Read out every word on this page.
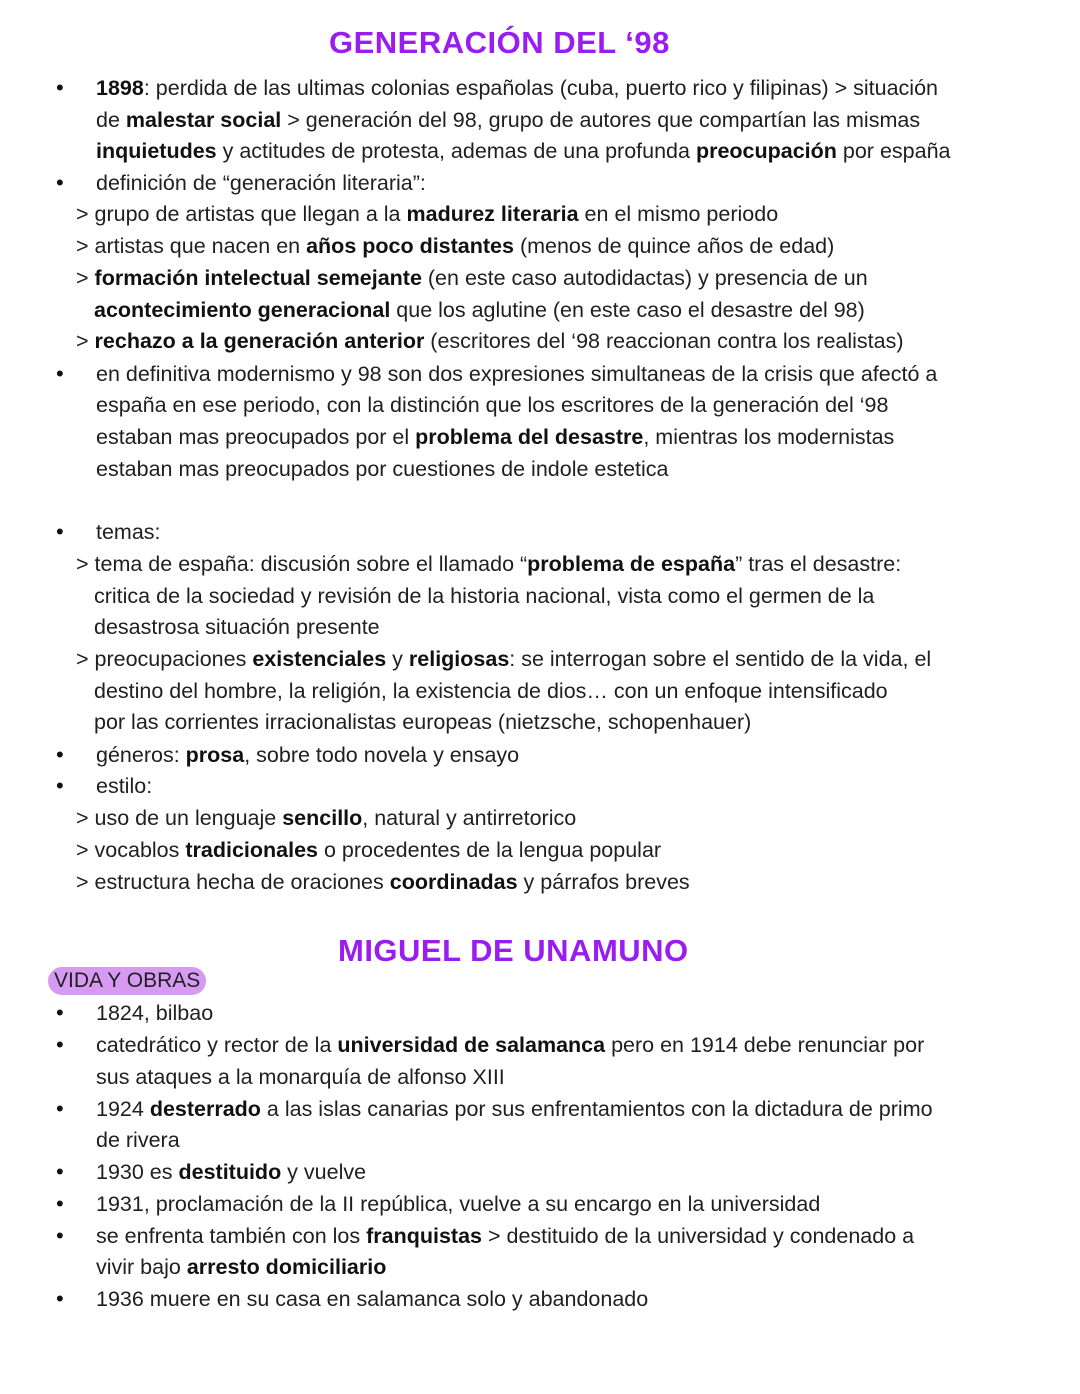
GENERACIÓN DEL ‘98
• 1898: perdida de las ultimas colonias españolas (cuba, puerto rico y filipinas) > situación
de malestar social > generación del 98, grupo de autores que compartían las mismas
inquietudes y actitudes de protesta, ademas de una profunda preocupación por españa
• definición de “generación literaria”:
> grupo de artistas que llegan a la madurez literaria en el mismo periodo
> artistas que nacen en años poco distantes (menos de quince años de edad)
> formación intelectual semejante (en este caso autodidactas) y presencia de un
acontecimiento generacional que los aglutine (en este caso el desastre del 98)
> rechazo a la generación anterior (escritores del ‘98 reaccionan contra los realistas)
• en definitiva modernismo y 98 son dos expresiones simultaneas de la crisis que afectó a
españa en ese periodo, con la distinción que los escritores de la generación del ‘98
estaban mas preocupados por el problema del desastre, mientras los modernistas
estaban mas preocupados por cuestiones de indole estetica
• temas:
> tema de españa: discusión sobre el llamado “problema de españa” tras el desastre:
critica de la sociedad y revisión de la historia nacional, vista como el germen de la
desastrosa situación presente
> preocupaciones existenciales y religiosas: se interrogan sobre el sentido de la vida, el
destino del hombre, la religión, la existencia de dios… con un enfoque intensificado
por las corrientes irracionalistas europeas (nietzsche, schopenhauer)
• géneros: prosa, sobre todo novela y ensayo
• estilo:
> uso de un lenguaje sencillo, natural y antirretorico
> vocablos tradicionales o procedentes de la lengua popular
> estructura hecha de oraciones coordinadas y párrafos breves
MIGUEL DE UNAMUNO
VIDA Y OBRAS
• 1824, bilbao
• catedrático y rector de la universidad de salamanca pero en 1914 debe renunciar por
sus ataques a la monarquía de alfonso XIII
• 1924 desterrado a las islas canarias por sus enfrentamientos con la dictadura de primo
de rivera
• 1930 es destituido y vuelve
• 1931, proclamación de la II república, vuelve a su encargo en la universidad
• se enfrenta también con los franquistas > destituido de la universidad y condenado a
vivir bajo arresto domiciliario
• 1936 muere en su casa en salamanca solo y abandonado
